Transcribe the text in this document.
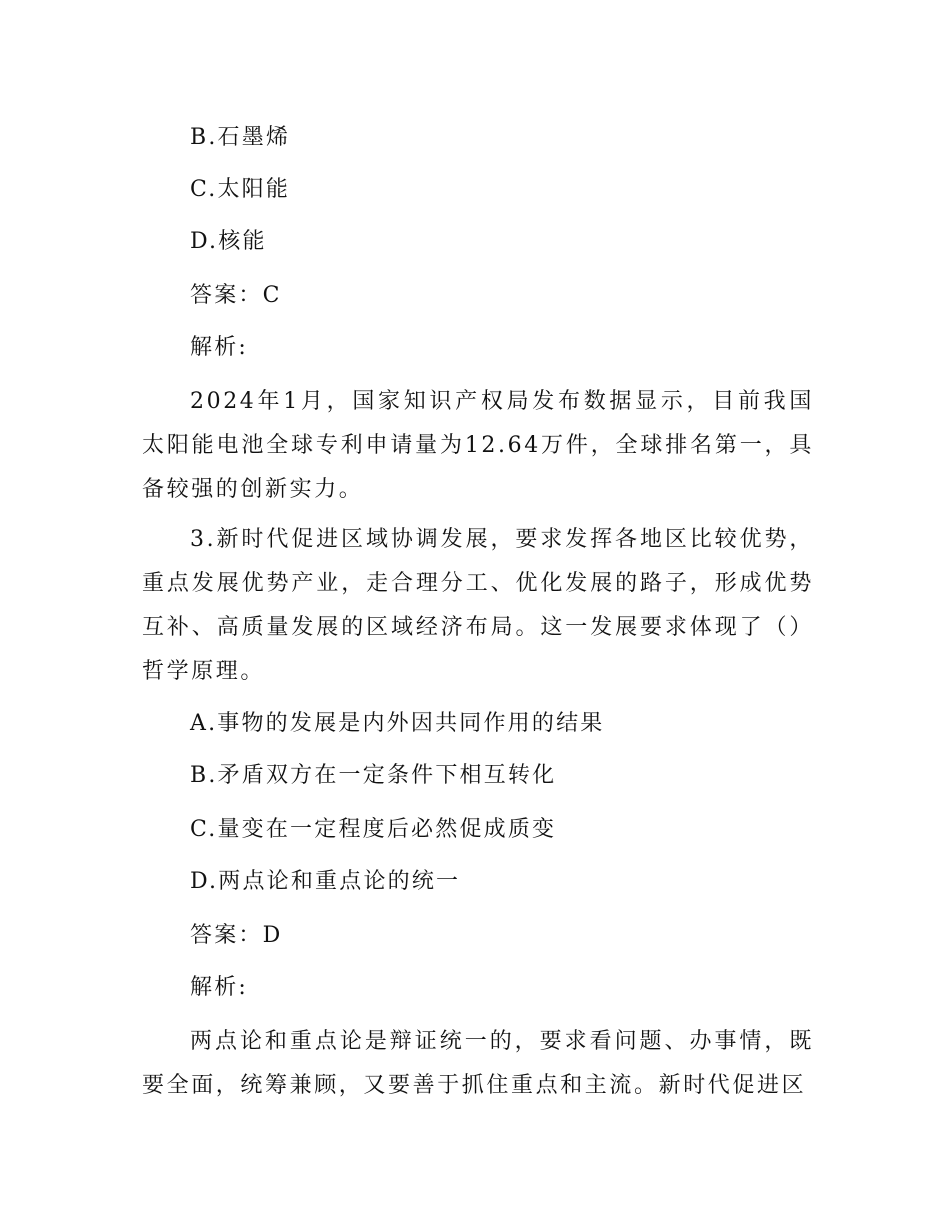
B.石墨烯
C.太阳能
D.核能
答案：C
解析:
2024年1月，国家知识产权局发布数据显示，目前我国太阳能电池全球专利申请量为12.64万件，全球排名第一，具备较强的创新实力。
3.新时代促进区域协调发展，要求发挥各地区比较优势，重点发展优势产业，走合理分工、优化发展的路子，形成优势互补、高质量发展的区域经济布局。这一发展要求体现了（）哲学原理。
A.事物的发展是内外因共同作用的结果
B.矛盾双方在一定条件下相互转化
C.量变在一定程度后必然促成质变
D.两点论和重点论的统一
答案：D
解析:
两点论和重点论是辩证统一的，要求看问题、办事情，既要全面，统筹兼顾，又要善于抓住重点和主流。新时代促进区
